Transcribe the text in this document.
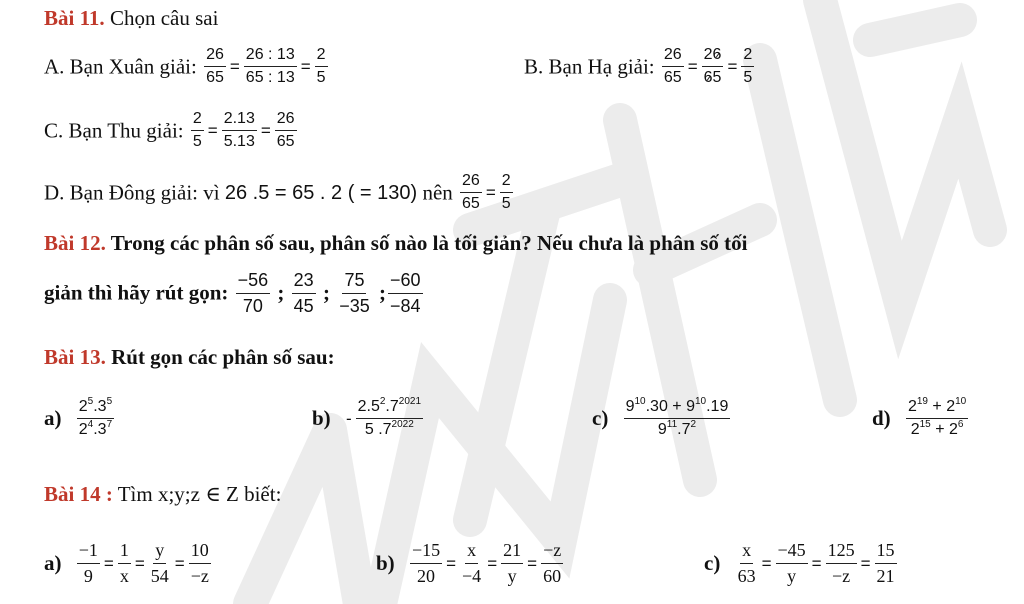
Bài 11. Chọn câu sai
A. Bạn Xuân giải: $\frac{26}{65} = \frac{26 : 13}{65 : 13} = \frac{2}{5}$	B. Bạn Hạ giải: $\frac{26}{65} = \frac{26}{65} = \frac{2}{5}$
C. Bạn Thu giải: $\frac{2}{5} = \frac{2.13}{5.13} = \frac{26}{65}$
D. Bạn Đông giải: vì 26 .5 = 65 . 2 ( = 130) nên $\frac{26}{65} = \frac{2}{5}$
Bài 12. Trong các phân số sau, phân số nào là tối giản? Nếu chưa là phân số tối
giản thì hãy rút gọn: $\frac{-56}{70}$ ; $\frac{23}{45}$ ; $\frac{75}{-35}$ ; $\frac{-60}{-84}$
Bài 13. Rút gọn các phân số sau:
$a) \frac{2^5.3^5}{2^4.3^7}$	$b) - \frac{2.5^2.7^{2021}}{5 .7^{2022}}$	$c) \frac{9^{10}.30 + 9^{10}.19}{9^{11}.7^2}$	$d) \frac{2^{19} + 2^{10}}{2^{15} + 2^6}$
Bài 14 : Tìm x;y;z ∈ Z biết:
$a) \frac{-1}{9} = \frac{1}{x} = \frac{y}{54} = \frac{10}{-z}$	$b) \frac{-15}{20} = \frac{x}{-4} = \frac{21}{y} = \frac{-z}{60}$	$c) \frac{x}{63} = \frac{-45}{y} = \frac{125}{-z} = \frac{15}{21}$
